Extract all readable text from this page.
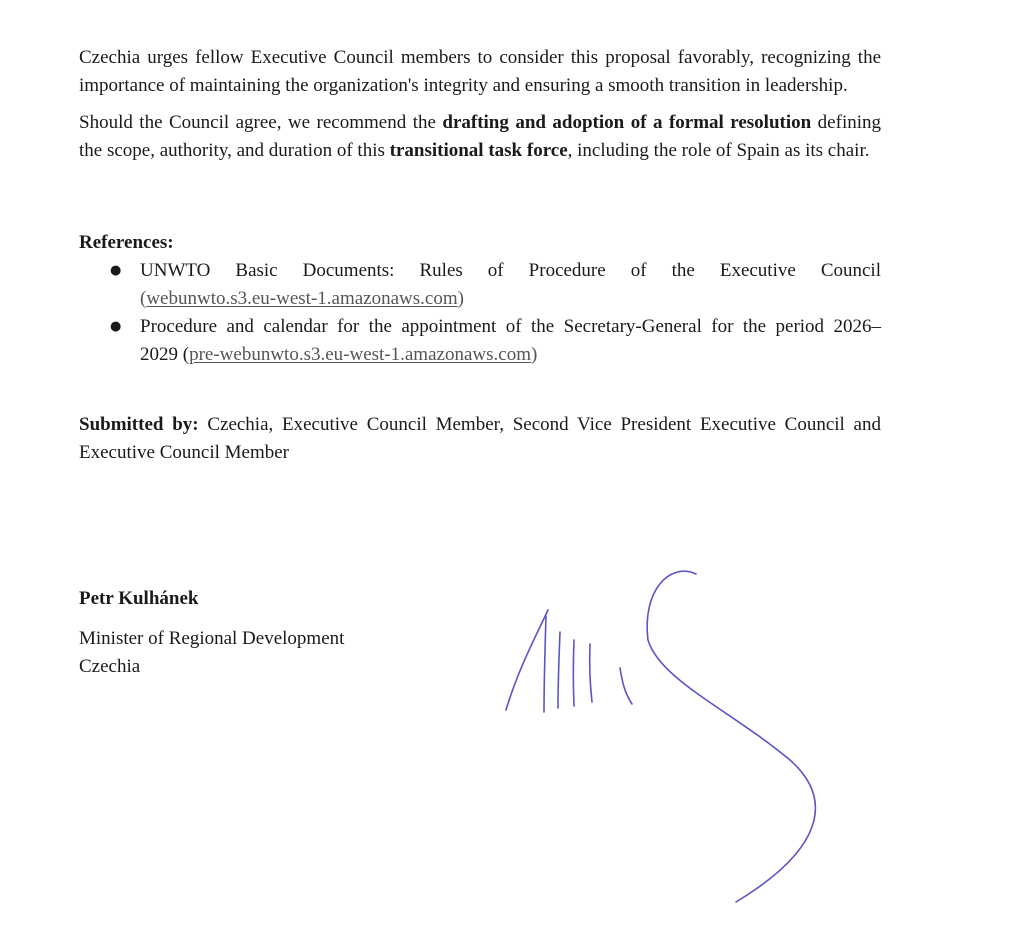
Czechia urges fellow Executive Council members to consider this proposal favorably, recognizing the importance of maintaining the organization's integrity and ensuring a smooth transition in leadership.

Should the Council agree, we recommend the drafting and adoption of a formal resolution defining the scope, authority, and duration of this transitional task force, including the role of Spain as its chair.

References:

● UNWTO Basic Documents: Rules of Procedure of the Executive Council
(webunwto.s3.eu-west-1.amazonaws.com)
● Procedure and calendar for the appointment of the Secretary-General for the period 2026–
2029 (pre-webunwto.s3.eu-west-1.amazonaws.com)

Submitted by: Czechia, Executive Council Member, Second Vice President Executive Council and Executive Council Member

Petr Kulhánek

Minister of Regional Development

Czechia
